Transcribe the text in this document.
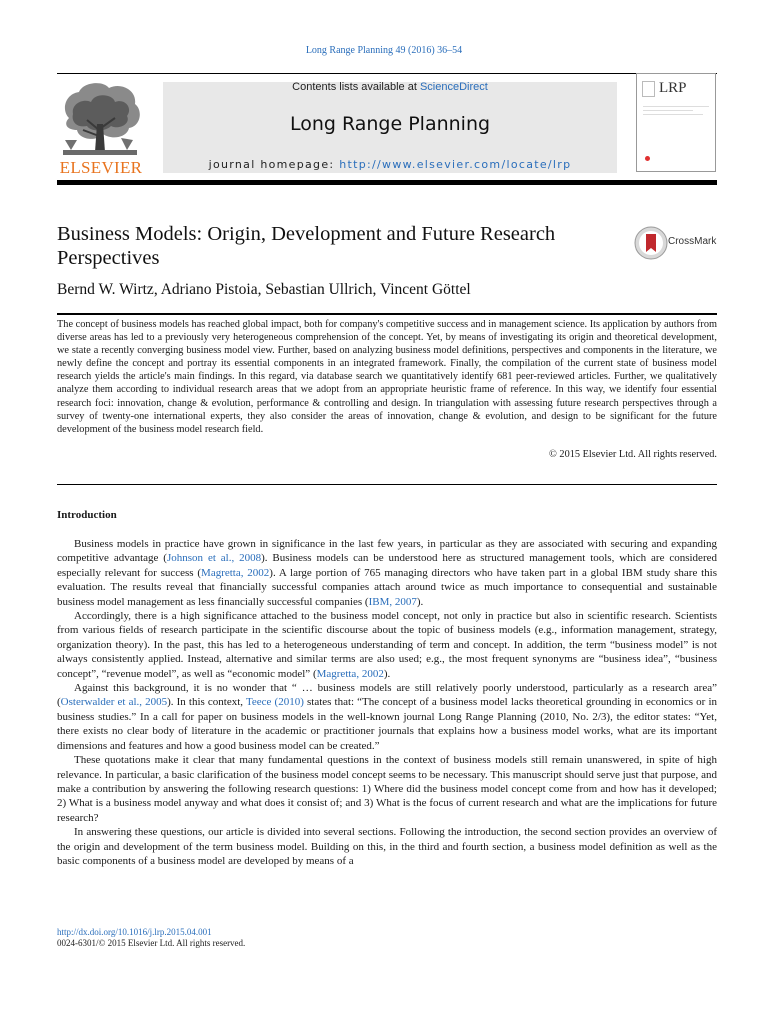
Long Range Planning 49 (2016) 36–54
ELSEVIER
Contents lists available at ScienceDirect
Long Range Planning
journal homepage: http://www.elsevier.com/locate/lrp
LRP
Business Models: Origin, Development and Future Research Perspectives
CrossMark
Bernd W. Wirtz, Adriano Pistoia, Sebastian Ullrich, Vincent Göttel
The concept of business models has reached global impact, both for company's competitive success and in management science. Its application by authors from diverse areas has led to a previously very heterogeneous comprehension of the concept. Yet, by means of investigating its origin and theoretical development, we state a recently converging business model view. Further, based on analyzing business model definitions, perspectives and components in the literature, we newly define the concept and portray its essential components in an integrated framework. Finally, the compilation of the current state of business model research yields the article's main findings. In this regard, via database search we quantitatively identify 681 peer-reviewed articles. Further, we qualitatively analyze them according to individual research areas that we adopt from an appropriate heuristic frame of reference. In this way, we identify four essential research foci: innovation, change & evolution, performance & controlling and design. In triangulation with assessing future research perspectives through a survey of twenty-one international experts, they also consider the areas of innovation, change & evolution, and design to be significant for the future development of the business model research field.
© 2015 Elsevier Ltd. All rights reserved.
Introduction

Business models in practice have grown in significance in the last few years, in particular as they are associated with securing and expanding competitive advantage (Johnson et al., 2008). Business models can be understood here as structured management tools, which are considered especially relevant for success (Magretta, 2002). A large portion of 765 managing directors who have taken part in a global IBM study share this evaluation. The results reveal that financially successful companies attach around twice as much importance to consequential and sustainable business model management as less financially successful companies (IBM, 2007).

Accordingly, there is a high significance attached to the business model concept, not only in practice but also in scientific research. Scientists from various fields of research participate in the scientific discourse about the topic of business models (e.g., information management, strategy, organization theory). In the past, this has led to a heterogeneous understanding of term and concept. In addition, the term “business model” is not always consistently applied. Instead, alternative and similar terms are also used; e.g., the most frequent synonyms are “business idea”, “business concept”, “revenue model”, as well as “economic model” (Magretta, 2002).

Against this background, it is no wonder that “ … business models are still relatively poorly understood, particularly as a research area” (Osterwalder et al., 2005). In this context, Teece (2010) states that: “The concept of a business model lacks theoretical grounding in economics or in business studies.” In a call for paper on business models in the well-known journal Long Range Planning (2010, No. 2/3), the editor states: “Yet, there exists no clear body of literature in the academic or practitioner journals that explains how a business model works, what are its important dimensions and features and how a good business model can be created.”

These quotations make it clear that many fundamental questions in the context of business models still remain unanswered, in spite of high relevance. In particular, a basic clarification of the business model concept seems to be necessary. This manuscript should serve just that purpose, and make a contribution by answering the following research questions: 1) Where did the business model concept come from and how has it developed; 2) What is a business model anyway and what does it consist of; and 3) What is the focus of current research and what are the implications for future research?

In answering these questions, our article is divided into several sections. Following the introduction, the second section provides an overview of the origin and development of the term business model. Building on this, in the third and fourth section, a business model definition as well as the basic components of a business model are developed by means of a

http://dx.doi.org/10.1016/j.lrp.2015.04.001
0024-6301/© 2015 Elsevier Ltd. All rights reserved.
